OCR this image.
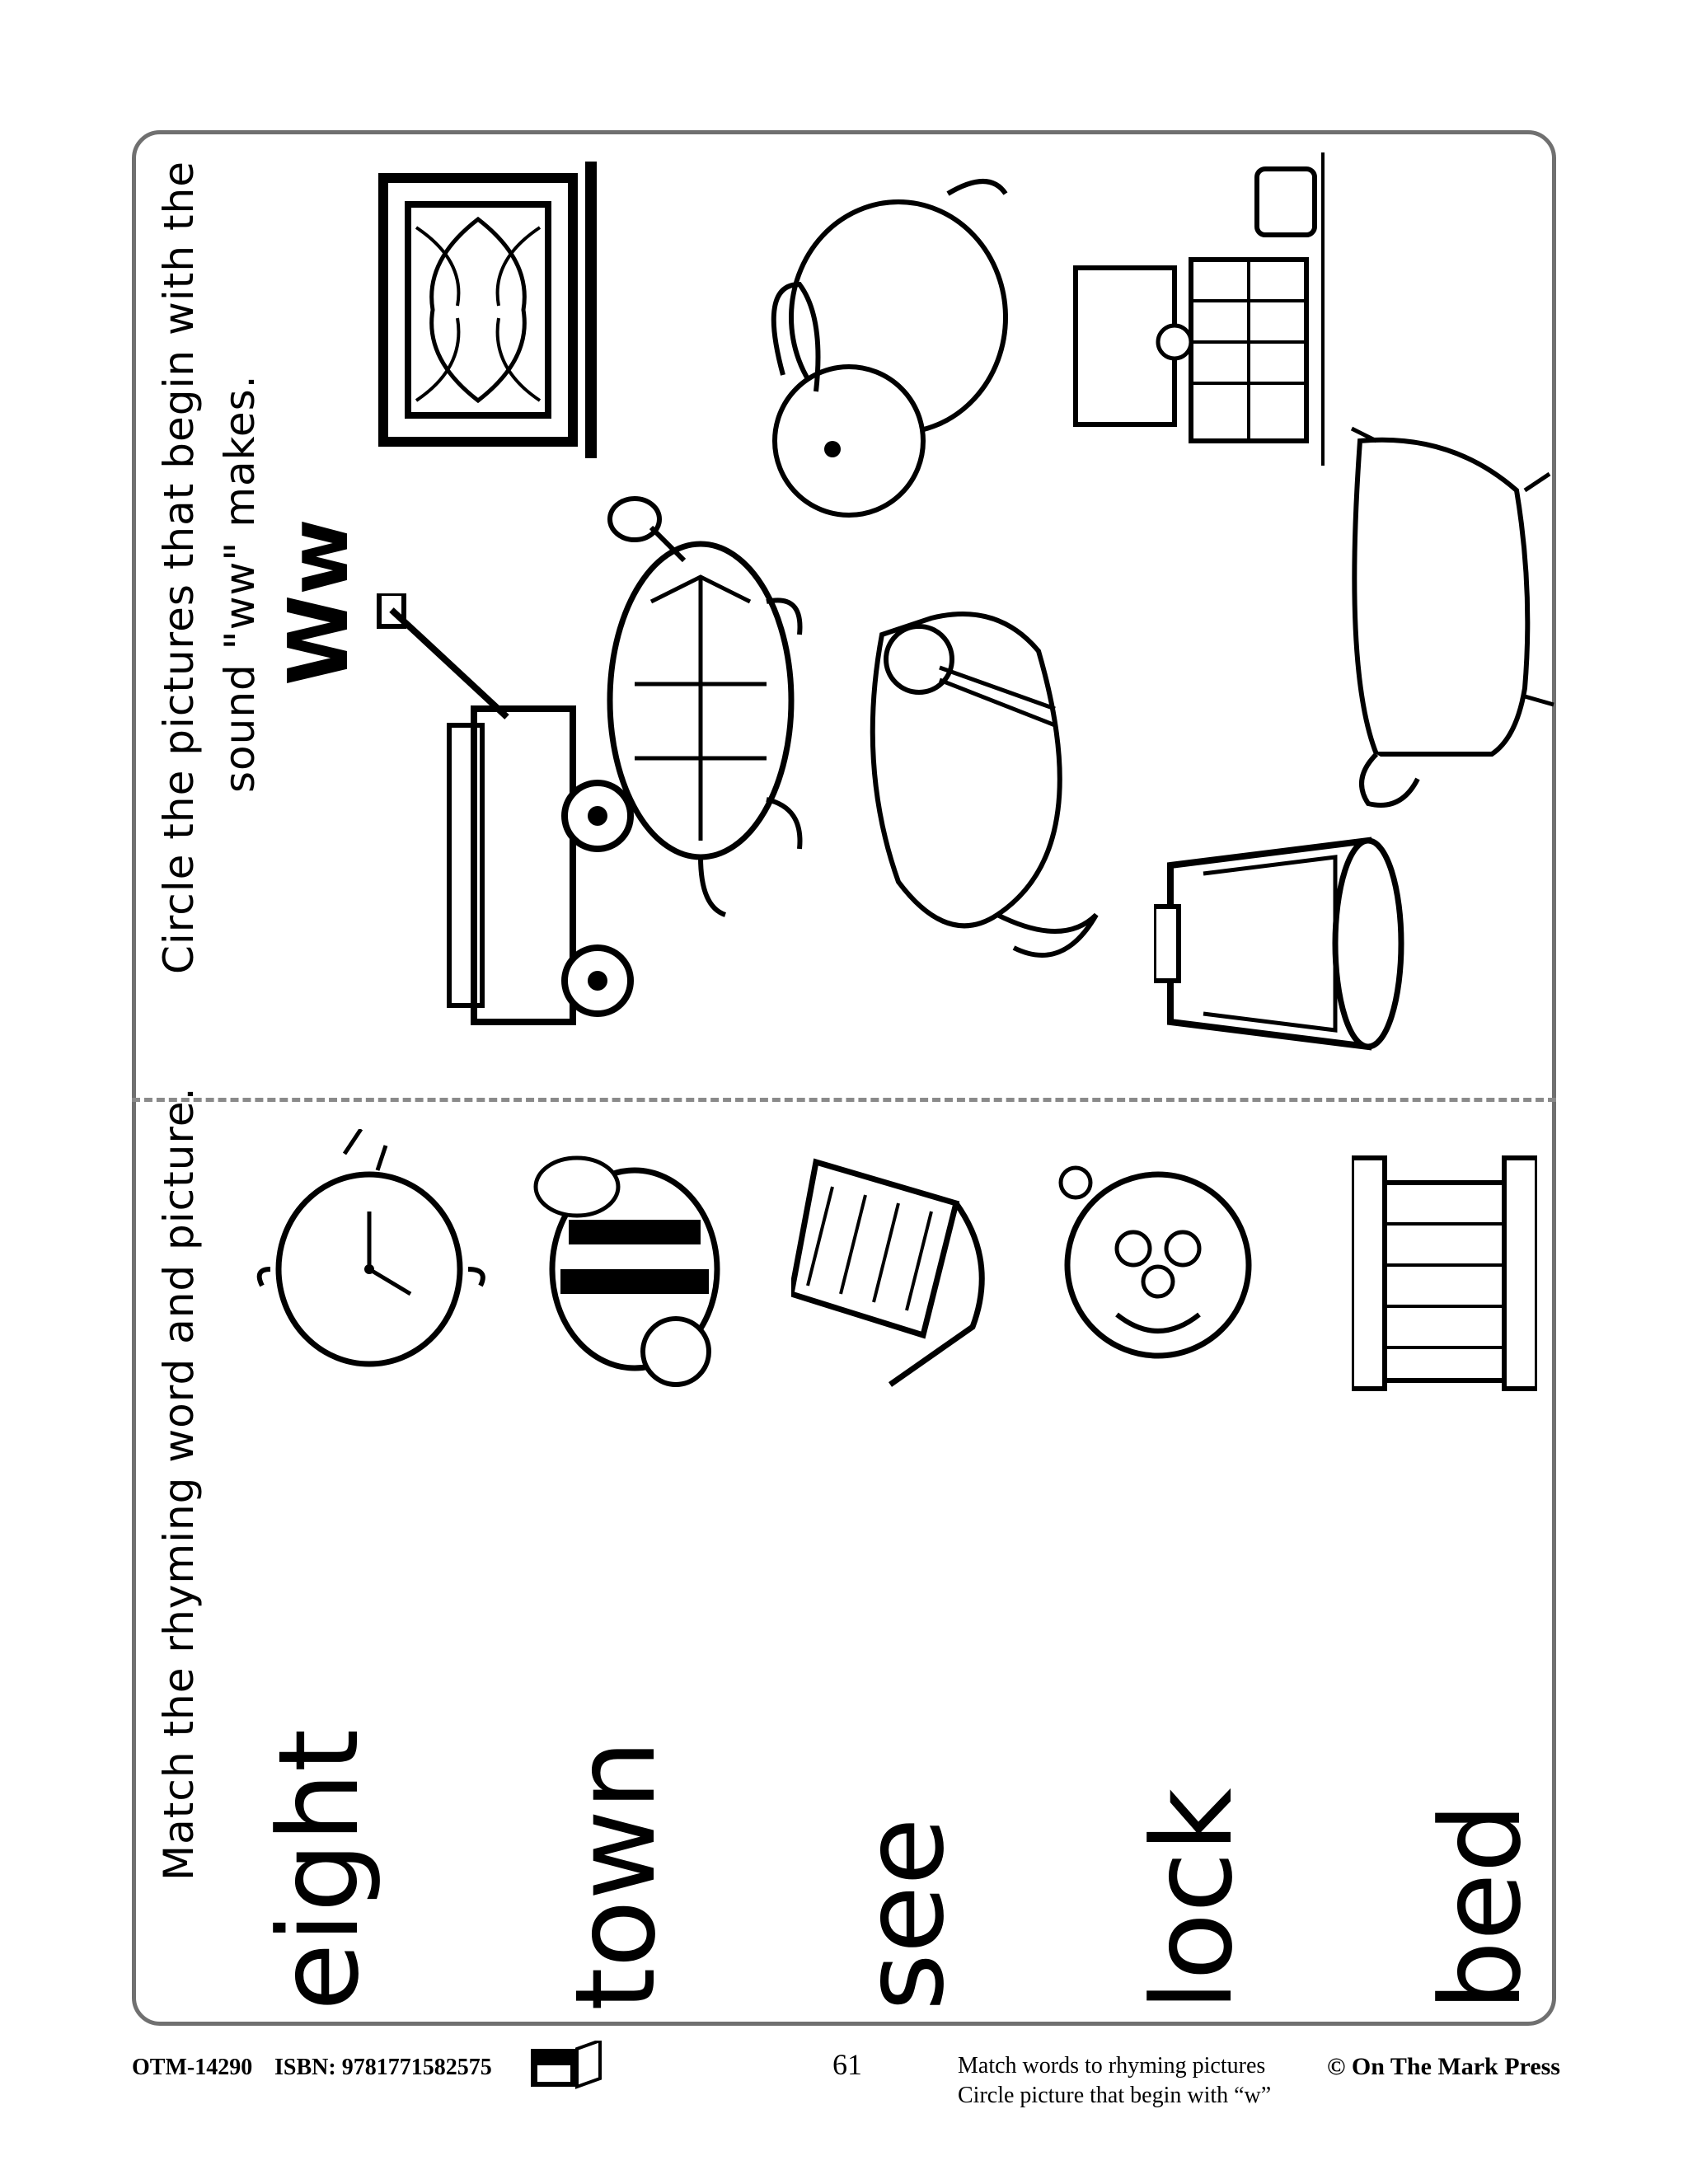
Circle the pictures that begin with the sound "ww" makes. Ww
Match the rhyming word and picture. eight town see lock bed
OTM-14290 ISBN: 9781771582575	61	Match words to rhyming pictures
Circle picture that begin with “w”
© On The Mark Press
